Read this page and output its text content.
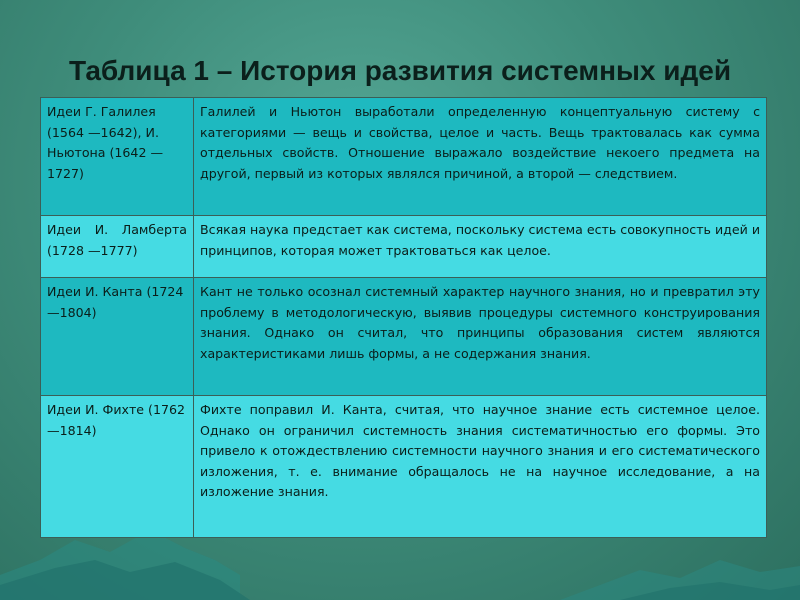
Таблица 1 – История развития системных идей
Идеи Г. Галилея (1564 —1642), И. Ньютона (1642 —1727)	Галилей и Ньютон выработали определенную концептуальную систему с категориями — вещь и свойства, целое и часть. Вещь трактовалась как сумма отдельных свойств. Отношение выражало воздействие некоего предмета на другой, первый из которых являлся причиной, а второй — следствием.
Идеи И. Ламберта (1728 —1777)	Всякая наука предстает как система, поскольку система есть совокупность идей и принципов, которая может трактоваться как целое.
Идеи И. Канта (1724 —1804)	Кант не только осознал системный характер научного знания, но и превратил эту проблему в методологическую, выявив процедуры системного конструирования знания. Однако он считал, что принципы образования систем являются характеристиками лишь формы, а не содержания знания.
Идеи И. Фихте (1762 —1814)	Фихте поправил И. Канта, считая, что научное знание есть системное целое. Однако он ограничил системность знания систематичностью его формы. Это привело к отождествлению системности научного знания и его систематического изложения, т. е. внимание обращалось не на научное исследование, а на изложение знания.
